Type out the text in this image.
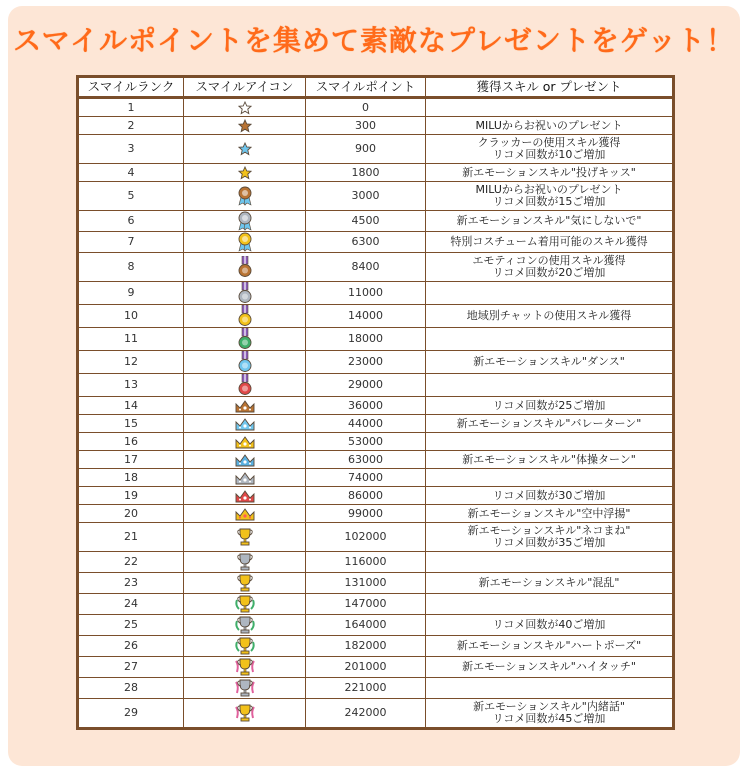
スマイルポイントを集めて素敵なプレゼントをゲット！
スマイルランク	スマイルアイコン	スマイルポイント	獲得スキル or プレゼント
1		0	
2		300	MILUからお祝いのプレゼント

3		900	クラッカーの使用スキル獲得
リコメ回数が10ご増加

4		1800	新エモーションスキル"投げキッス"

5		3000	MILUからお祝いのプレゼント
リコメ回数が15ご増加

6		4500	新エモーションスキル"気にしないで"

7		6300	特別コスチューム着用可能のスキル獲得

8		8400	エモティコンの使用スキル獲得
リコメ回数が20ご増加

9		11000	
10		14000	地域別チャットの使用スキル獲得

11		18000	
12		23000	新エモーションスキル"ダンス"

13		29000	
14		36000	リコメ回数が25ご増加

15		44000	新エモーションスキル"バレーターン"

16		53000	
17		63000	新エモーションスキル"体操ターン"

18		74000	
19		86000	リコメ回数が30ご増加

20		99000	新エモーションスキル"空中浮揚"

21		102000	新エモーションスキル"ネコまね"
リコメ回数が35ご増加

22		116000	
23		131000	新エモーションスキル"混乱"

24		147000	
25		164000	リコメ回数が40ご増加

26		182000	新エモーションスキル"ハートポーズ"

27		201000	新エモーションスキル"ハイタッチ"

28		221000	
29		242000	新エモーションスキル"内緒話"
リコメ回数が45ご増加
